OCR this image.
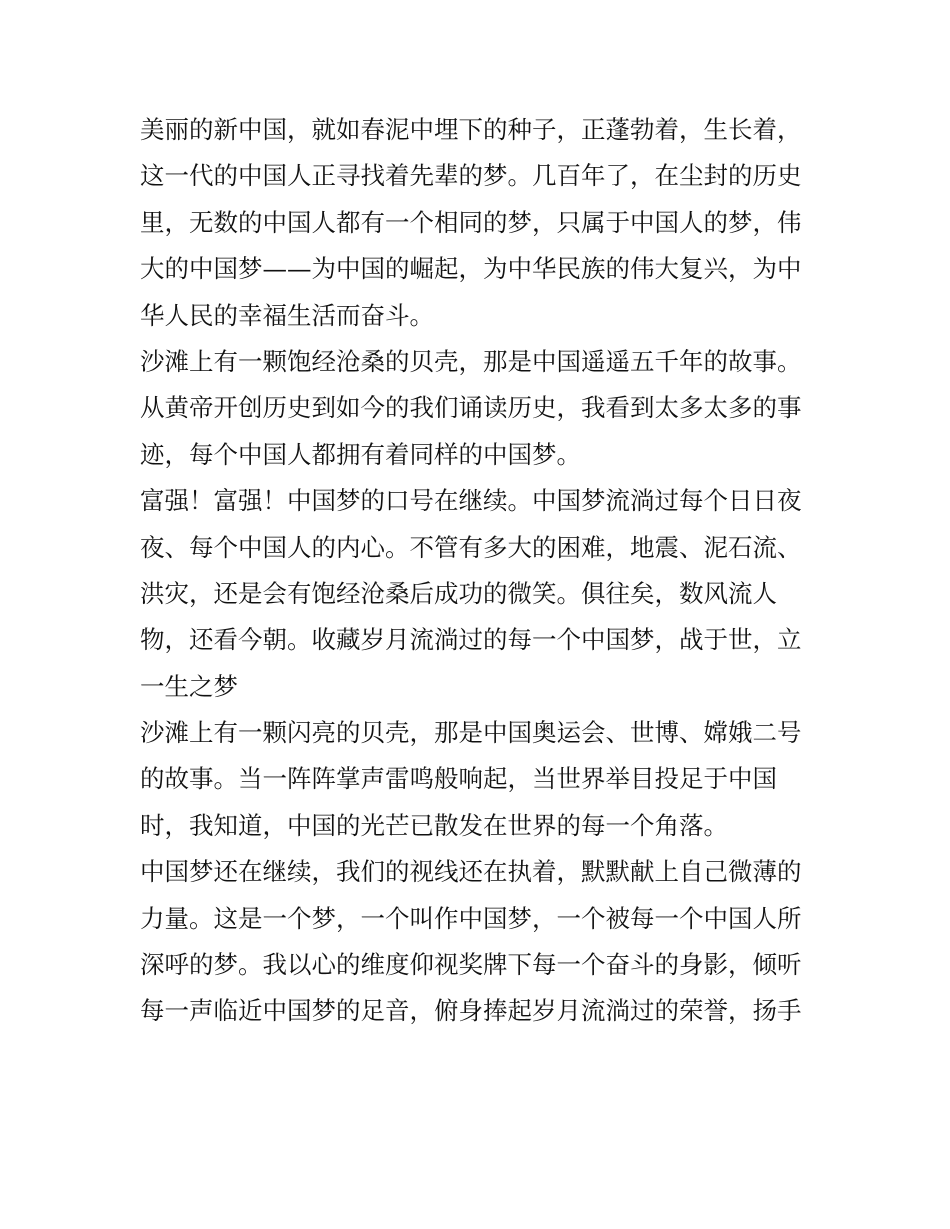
美丽的新中国，就如春泥中埋下的种子，正蓬勃着，生长着，
这一代的中国人正寻找着先辈的梦。几百年了，在尘封的历史
里，无数的中国人都有一个相同的梦，只属于中国人的梦，伟
大的中国梦——为中国的崛起，为中华民族的伟大复兴，为中
华人民的幸福生活而奋斗。
沙滩上有一颗饱经沧桑的贝壳，那是中国遥遥五千年的故事。
从黄帝开创历史到如今的我们诵读历史，我看到太多太多的事
迹，每个中国人都拥有着同样的中国梦。
富强！富强！中国梦的口号在继续。中国梦流淌过每个日日夜
夜、每个中国人的内心。不管有多大的困难，地震、泥石流、
洪灾，还是会有饱经沧桑后成功的微笑。俱往矣，数风流人
物，还看今朝。收藏岁月流淌过的每一个中国梦，战于世，立
一生之梦
沙滩上有一颗闪亮的贝壳，那是中国奥运会、世博、嫦娥二号
的故事。当一阵阵掌声雷鸣般响起，当世界举目投足于中国
时，我知道，中国的光芒已散发在世界的每一个角落。
中国梦还在继续，我们的视线还在执着，默默献上自己微薄的
力量。这是一个梦，一个叫作中国梦，一个被每一个中国人所
深呼的梦。我以心的维度仰视奖牌下每一个奋斗的身影，倾听
每一声临近中国梦的足音，俯身捧起岁月流淌过的荣誉，扬手
